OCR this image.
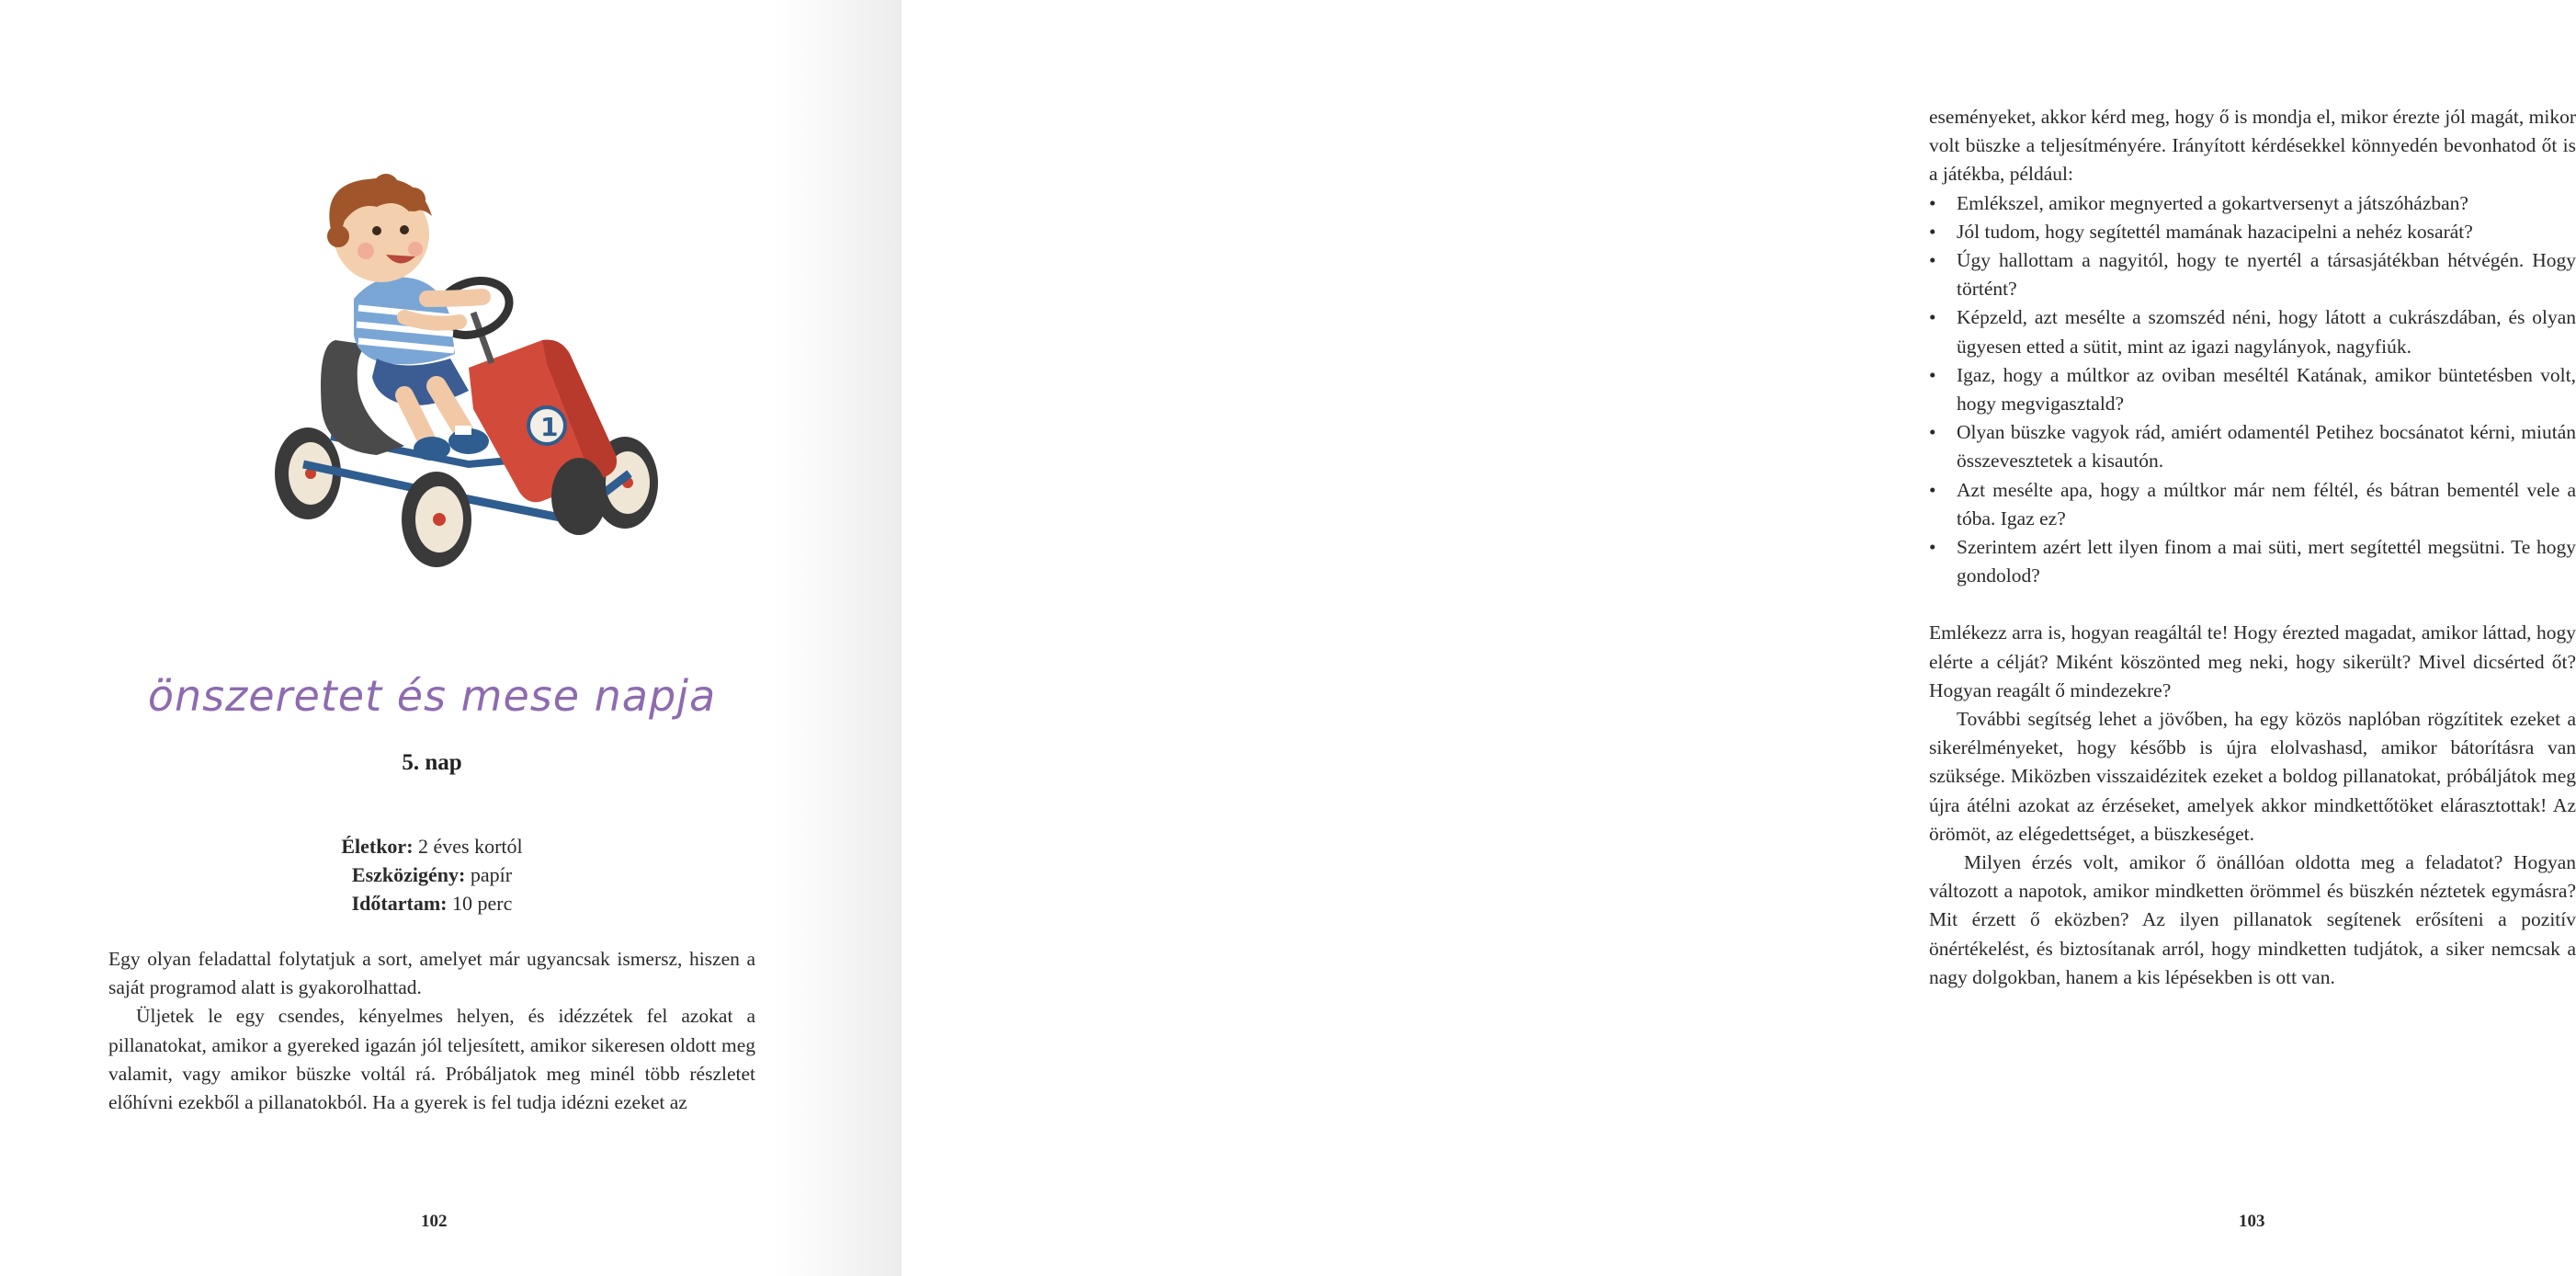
1
önszeretet és mese napja
5. nap
Életkor: 2 éves kortól
Eszközigény: papír
Időtartam: 10 perc

Egy olyan feladattal folytatjuk a sort, amelyet már ugyancsak ismersz, hiszen a saját programod alatt is gyakorolhattad.

Üljetek le egy csendes, kényelmes helyen, és idézzétek fel azokat a pillanatokat, amikor a gyereked igazán jól teljesített, amikor sikeresen oldott meg valamit, vagy amikor büszke voltál rá. Próbáljatok meg minél több részletet előhívni ezekből a pillanatokból. Ha a gyerek is fel tudja idézni ezeket az

102

eseményeket, akkor kérd meg, hogy ő is mondja el, mikor érezte jól magát, mikor volt büszke a teljesítményére. Irányított kérdésekkel könnyedén bevonhatod őt is a játékba, például:

• Emlékszel, amikor megnyerted a gokartversenyt a játszóházban?
• Jól tudom, hogy segítettél mamának hazacipelni a nehéz kosarát?
• Úgy hallottam a nagyitól, hogy te nyertél a társasjátékban hétvégén. Hogy történt?
• Képzeld, azt mesélte a szomszéd néni, hogy látott a cukrászdában, és olyan ügyesen etted a sütit, mint az igazi nagylányok, nagyfiúk.
• Igaz, hogy a múltkor az oviban meséltél Katának, amikor büntetésben volt, hogy megvigasztald?
• Olyan büszke vagyok rád, amiért odamentél Petihez bocsánatot kérni, miután összevesztetek a kisautón.
• Azt mesélte apa, hogy a múltkor már nem féltél, és bátran bementél vele a tóba. Igaz ez?
• Szerintem azért lett ilyen finom a mai süti, mert segítettél megsütni. Te hogy gondolod?

Emlékezz arra is, hogyan reagáltál te! Hogy érezted magadat, amikor láttad, hogy elérte a célját? Miként köszönted meg neki, hogy sikerült? Mivel dicsérted őt? Hogyan reagált ő mindezekre?

További segítség lehet a jövőben, ha egy közös naplóban rögzítitek ezeket a sikerélményeket, hogy később is újra elolvashasd, amikor bátorításra van szüksége. Miközben visszaidézitek ezeket a boldog pillanatokat, próbáljátok meg újra átélni azokat az érzéseket, amelyek akkor mindkettőtöket elárasztottak! Az örömöt, az elégedettséget, a büszkeséget.

Milyen érzés volt, amikor ő önállóan oldotta meg a feladatot? Hogyan változott a napotok, amikor mindketten örömmel és büszkén néztetek egymásra? Mit érzett ő eközben? Az ilyen pillanatok segítenek erősíteni a pozitív önértékelést, és biztosítanak arról, hogy mindketten tudjátok, a siker nemcsak a nagy dolgokban, hanem a kis lépésekben is ott van.

103
